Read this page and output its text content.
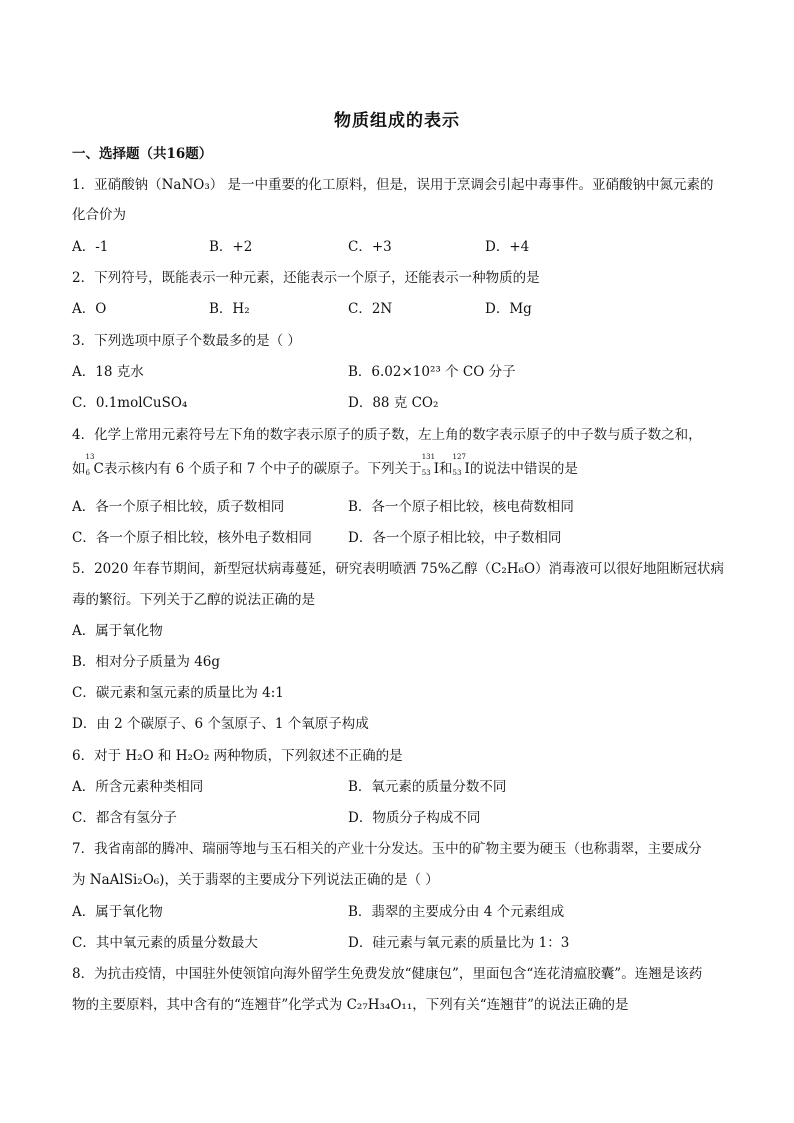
物质组成的表示
一、选择题（共16题）
1．亚硝酸钠（NaNO₃） 是一中重要的化工原料，但是，误用于烹调会引起中毒事件。亚硝酸钠中氮元素的
化合价为
A．-1	B．+2	C．+3	D．+4
2．下列符号，既能表示一种元素，还能表示一个原子，还能表示一种物质的是
A．O	B．H₂	C．2N	D．Mg
3．下列选项中原子个数最多的是（ ）
A．18 克水	B．6.02×10²³ 个 CO 分子
C．0.1molCuSO₄	D．88 克 CO₂
4．化学上常用元素符号左下角的数字表示原子的质子数，左上角的数字表示原子的中子数与质子数之和，
如
13
6 C表示核内有 6 个质子和 7 个中子的碳原子。下列关于
131
53 I和
127
53 I的说法中错误的是
A．各一个原子相比较，质子数相同	B．各一个原子相比较，核电荷数相同
C．各一个原子相比较，核外电子数相同	D．各一个原子相比较，中子数相同
5．2020 年春节期间，新型冠状病毒蔓延，研究表明喷洒 75%乙醇（C₂H₆O）消毒液可以很好地阻断冠状病
毒的繁衍。下列关于乙醇的说法正确的是
A．属于氧化物
B．相对分子质量为 46g
C．碳元素和氢元素的质量比为 4:1
D．由 2 个碳原子、6 个氢原子、1 个氧原子构成
6．对于 H₂O 和 H₂O₂ 两种物质，下列叙述不正确的是
A．所含元素种类相同	B．氧元素的质量分数不同
C．都含有氢分子	D．物质分子构成不同
7．我省南部的腾冲、瑞丽等地与玉石相关的产业十分发达。玉中的矿物主要为硬玉（也称翡翠，主要成分
为 NaAlSi₂O₆)，关于翡翠的主要成分下列说法正确的是（ ）
A．属于氧化物	B．翡翠的主要成分由 4 个元素组成
C．其中氧元素的质量分数最大	D．硅元素与氧元素的质量比为 1：3
8．为抗击疫情，中国驻外使领馆向海外留学生免费发放“健康包”，里面包含“连花清瘟胶囊”。连翘是该药
物的主要原料，其中含有的“连翘苷”化学式为 C₂₇H₃₄O₁₁，下列有关“连翘苷”的说法正确的是
